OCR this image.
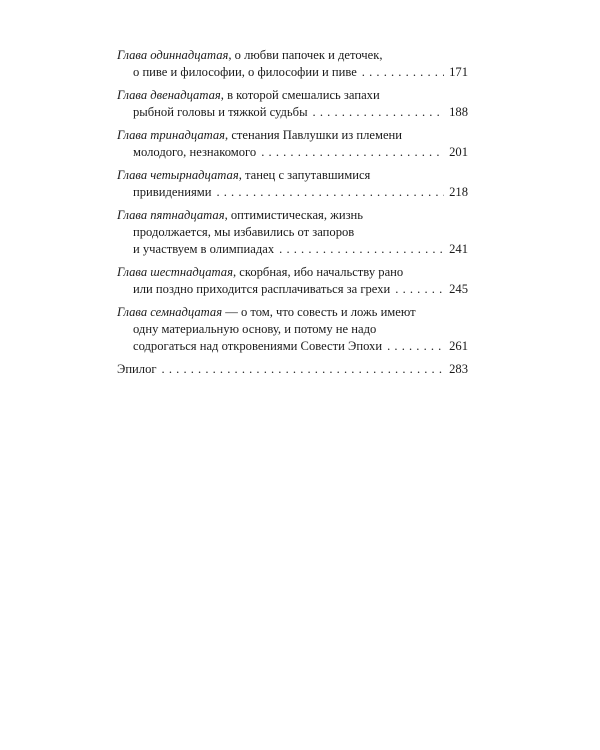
Глава одиннадцатая, о любви папочек и деточек,
о пиве и философии, о философии и пиве . . .	171
Глава двенадцатая, в которой смешались запахи
рыбной головы и тяжкой судьбы . . .	188
Глава тринадцатая, стенания Павлушки из племени
молодого, незнакомого . . .	201
Глава четырнадцатая, танец с запутавшимися
привидениями . . .	218
Глава пятнадцатая, оптимистическая, жизнь
продолжается, мы избавились от запоров
и участвуем в олимпиадах . . .	241
Глава шестнадцатая, скорбная, ибо начальству рано
или поздно приходится расплачиваться за грехи . . .	245
Глава семнадцатая — о том, что совесть и ложь имеют
одну материальную основу, и потому не надо
содрогаться над откровениями Совести Эпохи . . .	261
Эпилог . . .	283
